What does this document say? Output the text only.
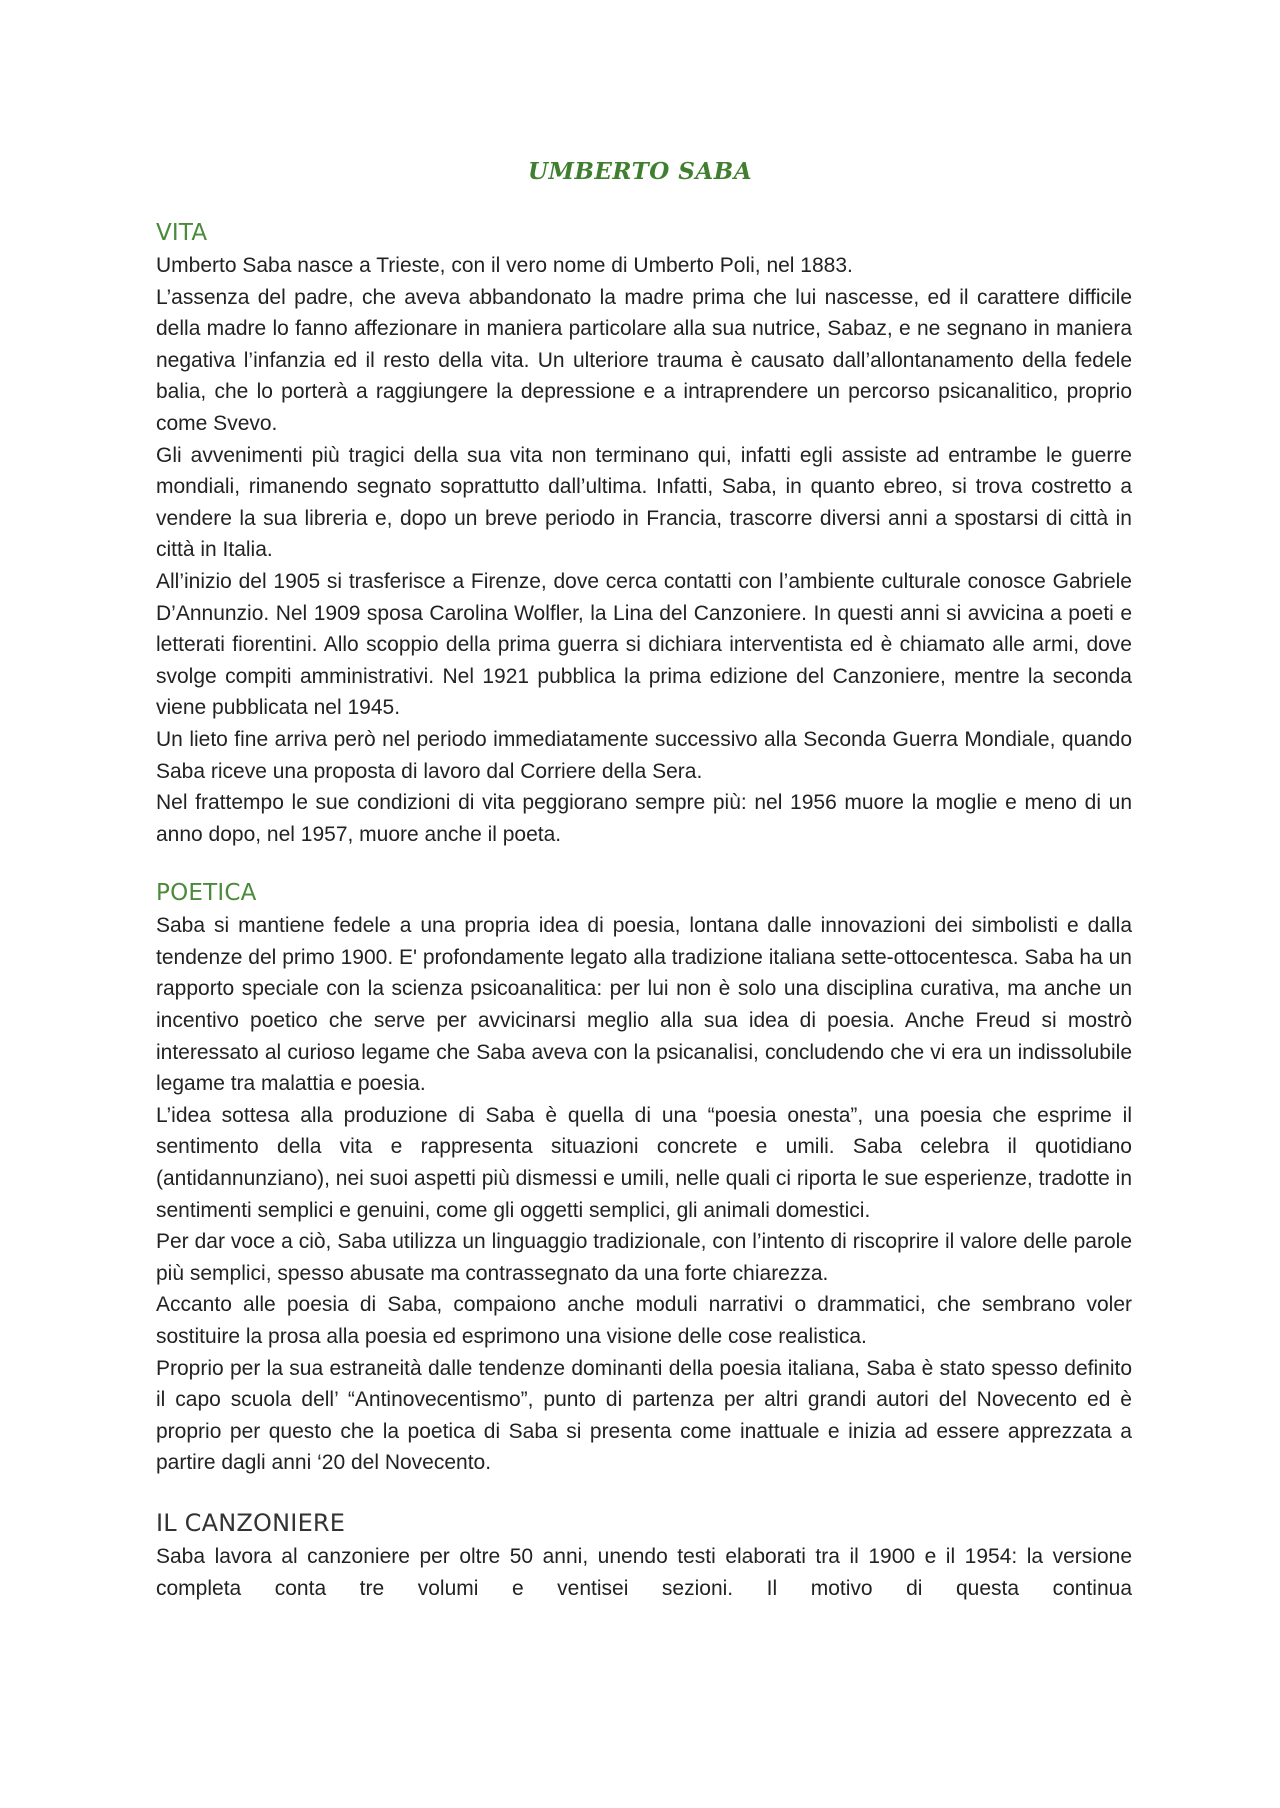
UMBERTO SABA
VITA

Umberto Saba nasce a Trieste, con il vero nome di Umberto Poli, nel 1883.

L’assenza del padre, che aveva abbandonato la madre prima che lui nascesse, ed il carattere difficile della madre lo fanno affezionare in maniera particolare alla sua nutrice, Sabaz, e ne segnano in maniera negativa l’infanzia ed il resto della vita. Un ulteriore trauma è causato dall’allontanamento della fedele balia, che lo porterà a raggiungere la depressione e a intraprendere un percorso psicanalitico, proprio come Svevo.

Gli avvenimenti più tragici della sua vita non terminano qui, infatti egli assiste ad entrambe le guerre mondiali, rimanendo segnato soprattutto dall’ultima. Infatti, Saba, in quanto ebreo, si trova costretto a vendere la sua libreria e, dopo un breve periodo in Francia, trascorre diversi anni a spostarsi di città in città in Italia.

All’inizio del 1905 si trasferisce a Firenze, dove cerca contatti con l’ambiente culturale conosce Gabriele D’Annunzio. Nel 1909 sposa Carolina Wolfler, la Lina del Canzoniere. In questi anni si avvicina a poeti e letterati fiorentini. Allo scoppio della prima guerra si dichiara interventista ed è chiamato alle armi, dove svolge compiti amministrativi. Nel 1921 pubblica la prima edizione del Canzoniere, mentre la seconda viene pubblicata nel 1945.

Un lieto fine arriva però nel periodo immediatamente successivo alla Seconda Guerra Mondiale, quando Saba riceve una proposta di lavoro dal Corriere della Sera.

Nel frattempo le sue condizioni di vita peggiorano sempre più: nel 1956 muore la moglie e meno di un anno dopo, nel 1957, muore anche il poeta.

POETICA

Saba si mantiene fedele a una propria idea di poesia, lontana dalle innovazioni dei simbolisti e dalla tendenze del primo 1900. E' profondamente legato alla tradizione italiana sette-ottocentesca. Saba ha un rapporto speciale con la scienza psicoanalitica: per lui non è solo una disciplina curativa, ma anche un incentivo poetico che serve per avvicinarsi meglio alla sua idea di poesia. Anche Freud si mostrò interessato al curioso legame che Saba aveva con la psicanalisi, concludendo che vi era un indissolubile legame tra malattia e poesia.

L’idea sottesa alla produzione di Saba è quella di una “poesia onesta”, una poesia che esprime il sentimento della vita e rappresenta situazioni concrete e umili. Saba celebra il quotidiano (antidannunziano), nei suoi aspetti più dismessi e umili, nelle quali ci riporta le sue esperienze, tradotte in sentimenti semplici e genuini, come gli oggetti semplici, gli animali domestici.

Per dar voce a ciò, Saba utilizza un linguaggio tradizionale, con l’intento di riscoprire il valore delle parole più semplici, spesso abusate ma contrassegnato da una forte chiarezza.

Accanto alle poesia di Saba, compaiono anche moduli narrativi o drammatici, che sembrano voler sostituire la prosa alla poesia ed esprimono una visione delle cose realistica.

Proprio per la sua estraneità dalle tendenze dominanti della poesia italiana, Saba è stato spesso definito il capo scuola dell’ “Antinovecentismo”, punto di partenza per altri grandi autori del Novecento ed è proprio per questo che la poetica di Saba si presenta come inattuale e inizia ad essere apprezzata a partire dagli anni ‘20 del Novecento.

IL CANZONIERE

Saba lavora al canzoniere per oltre 50 anni, unendo testi elaborati tra il 1900 e il 1954: la versione completa conta tre volumi e ventisei sezioni. Il motivo di questa continua
